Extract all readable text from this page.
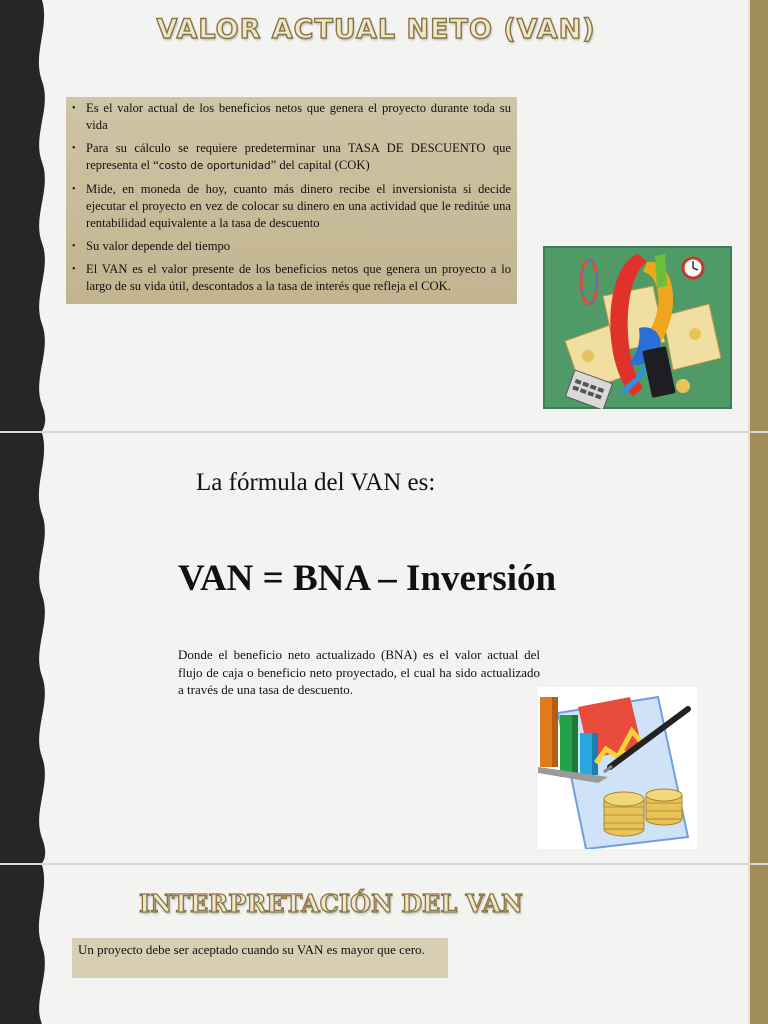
VALOR ACTUAL NETO (VAN)
• Es el valor actual de los beneficios netos que genera el proyecto durante toda su vida
• Para su cálculo se requiere predeterminar una TASA DE DESCUENTO que representa el “costo de oportunidad” del capital (COK)
• Mide, en moneda de hoy, cuanto más dinero recibe el inversionista si decide ejecutar el proyecto en vez de colocar su dinero en una actividad que le reditúe una rentabilidad equivalente a la tasa de descuento
• Su valor depende del tiempo
• El VAN es el valor presente de los beneficios netos que genera un proyecto a lo largo de su vida útil, descontados a la tasa de interés que refleja el COK.
La fórmula del VAN es:
VAN = BNA – Inversión
Donde el beneficio neto actualizado (BNA) es el valor actual del flujo de caja o beneficio neto proyectado, el cual ha sido actualizado a través de una tasa de descuento.
INTERPRETACIÓN DEL VAN
Un proyecto debe ser aceptado cuando su VAN es mayor que cero.
